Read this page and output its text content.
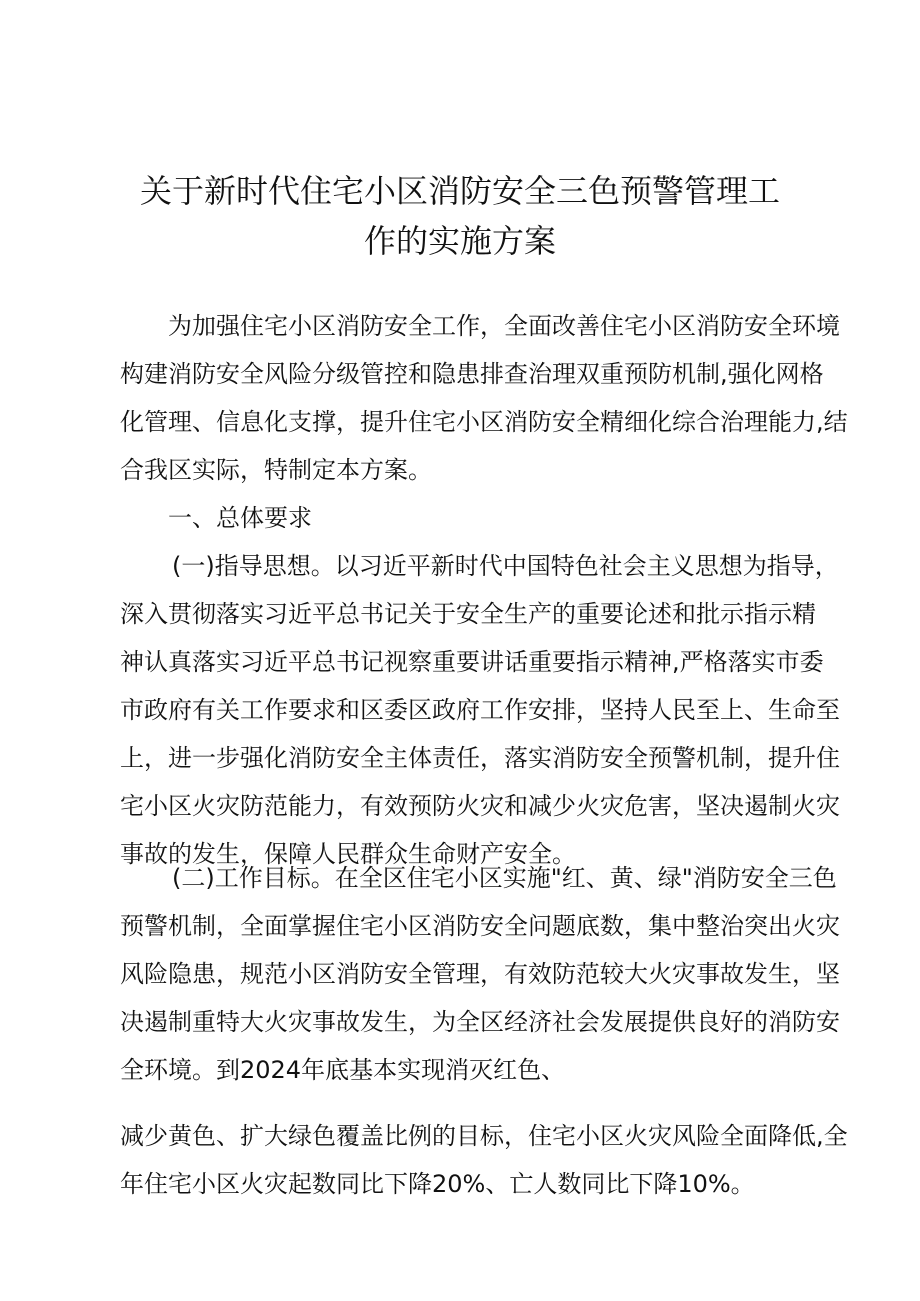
关于新时代住宅小区消防安全三色预警管理工
作的实施方案
为加强住宅小区消防安全工作，全面改善住宅小区消防安全环境
构建消防安全风险分级管控和隐患排查治理双重预防机制,强化网格
化管理、信息化支撑，提升住宅小区消防安全精细化综合治理能力,结
合我区实际，特制定本方案。
一、总体要求
(一)指导思想。以习近平新时代中国特色社会主义思想为指导，
深入贯彻落实习近平总书记关于安全生产的重要论述和批示指示精
神认真落实习近平总书记视察重要讲话重要指示精神,严格落实市委
市政府有关工作要求和区委区政府工作安排，坚持人民至上、生命至
上，进一步强化消防安全主体责任，落实消防安全预警机制，提升住
宅小区火灾防范能力，有效预防火灾和减少火灾危害，坚决遏制火灾
事故的发生，保障人民群众生命财产安全。
(二)工作目标。在全区住宅小区实施"红、黄、绿"消防安全三色
预警机制，全面掌握住宅小区消防安全问题底数，集中整治突出火灾
风险隐患，规范小区消防安全管理，有效防范较大火灾事故发生，坚
决遏制重特大火灾事故发生，为全区经济社会发展提供良好的消防安
全环境。到2024年底基本实现消灭红色、
减少黄色、扩大绿色覆盖比例的目标，住宅小区火灾风险全面降低,全
年住宅小区火灾起数同比下降20%、亡人数同比下降10%。
